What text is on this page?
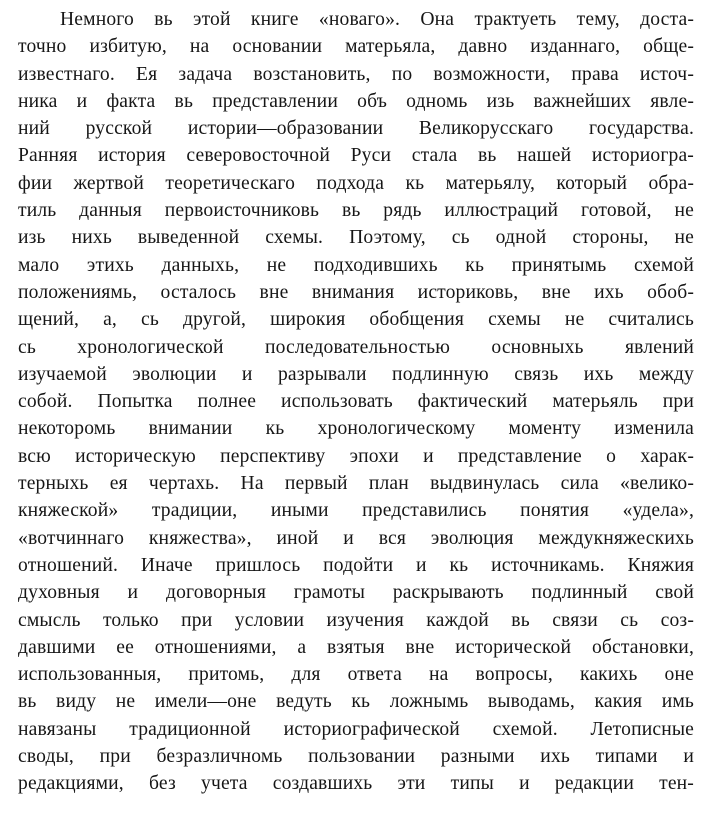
Немного вь этой книге «новаго». Она трактуеть тему, доста-
точно избитую, на основании матерьяла, давно изданнаго, обще-
известнаго. Ея задача возстановить, по возможности, права источ-
ника и факта вь представлении объ одномь изь важнейших явле-
ний русской истории—образовании Великорусскаго государства.
Ранняя история северовосточной Руси стала вь нашей историогра-
фии жертвой теоретическаго подхода кь матерьялу, который обра-
тиль данныя первоисточниковь вь рядь иллюстраций готовой, не
изь нихь выведенной схемы. Поэтому, сь одной стороны, не
мало этихь данныхь, не подходившихь кь принятымь схемой
положениямь, осталось вне внимания историковь, вне ихь обоб-
щений, а, сь другой, широкия обобщения схемы не считались
сь хронологической последовательностью основныхь явлений
изучаемой эволюции и разрывали подлинную связь ихь между
собой. Попытка полнее использовать фактический матерьяль при
некоторомь внимании кь хронологическому моменту изменила
всю историческую перспективу эпохи и представление о харак-
терныхь ея чертахь. На первый план выдвинулась сила «велико-
княжеской» традиции, иными представились понятия «удела»,
«вотчиннаго княжества», иной и вся эволюция междукняжескихь
отношений. Иначе пришлось подойти и кь источникамь. Княжия
духовныя и договорныя грамоты раскрывають подлинный свой
смысль только при условии изучения каждой вь связи сь соз-
давшими ее отношениями, а взятыя вне исторической обстановки,
использованныя, притомь, для ответа на вопросы, какихь оне
вь виду не имели—оне ведуть кь ложнымь выводамь, какия имь
навязаны традиционной историографической схемой. Летописные
своды, при безразличномь пользовании разными ихь типами и
редакциями, без учета создавшихь эти типы и редакции тен-
